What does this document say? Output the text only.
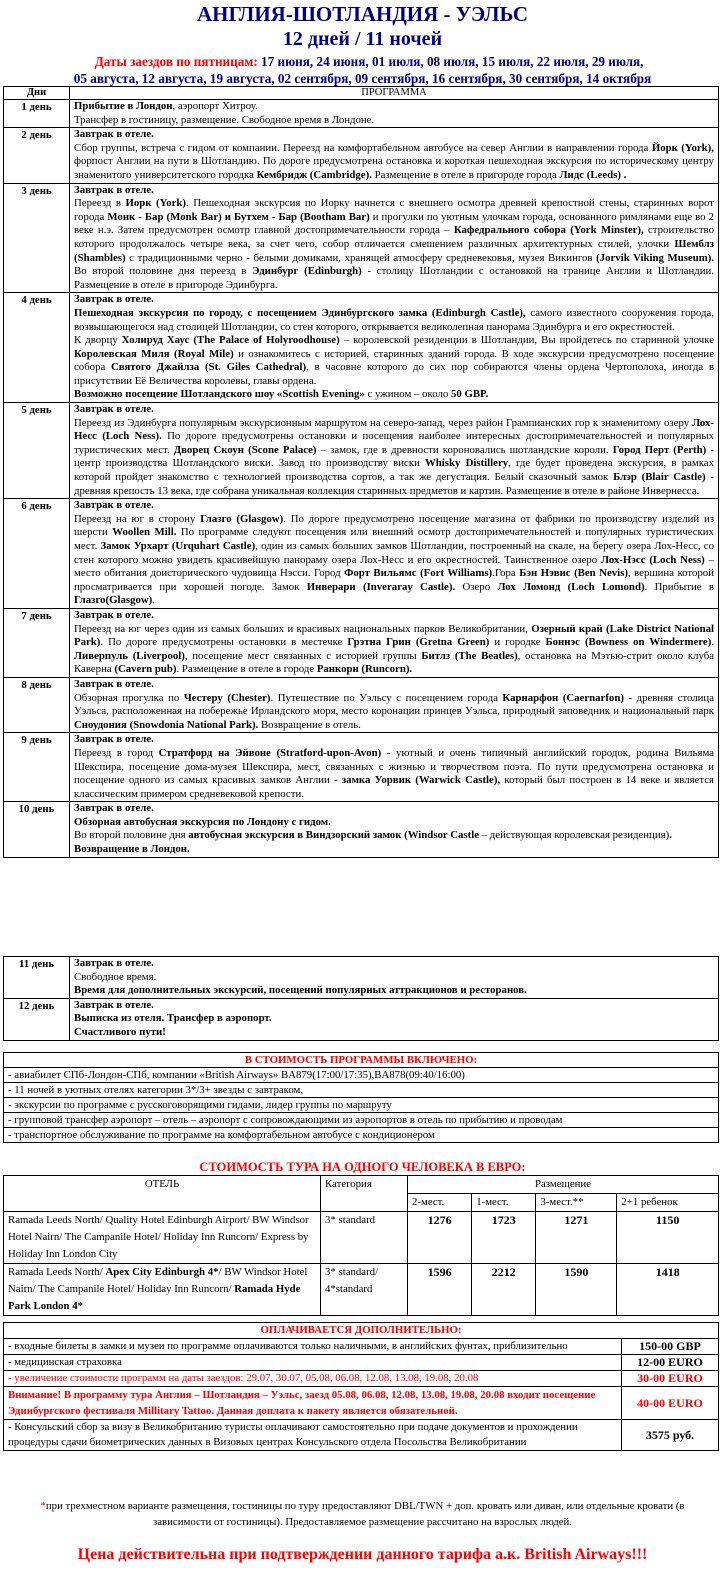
АНГЛИЯ-ШОТЛАНДИЯ - УЭЛЬС
12 дней / 11 ночей
Даты заездов по пятницам: 17 июня, 24 июня, 01 июля, 08 июля, 15 июля, 22 июля, 29 июля,
05 августа, 12 августа, 19 августа, 02 сентября, 09 сентября, 16 сентября, 30 сентября, 14 октября
Дни	ПРОГРАММА
1 день	Прибытие в Лондон, аэропорт Хитроу.
Трансфер в гостиницу, размещение. Свободное время в Лондоне.
2 день	Завтрак в отеле.
Сбор группы, встреча с гидом от компании. Переезд на комфортабельном автобусе на север Англии в направлении города Йорк (York), форпост Англии на пути в Шотландию. По дороге предусмотрена остановка и короткая пешеходная экскурсия по историческому центру знаменитого университетского городка Кембридж (Cambridge). Размещение в отеле в пригороде города Лидс (Leeds) .
3 день	Завтрак в отеле.
Переезд в Иорк (York). Пешеходная экскурсия по Иорку начнется с внешнего осмотра древней крепостной стены, старинных ворот города Монк - Бар (Monk Bar) и Бутхем - Бар (Bootham Bar) и прогулки по уютным улочкам города, основанного римлянами еще во 2 веке н.э. Затем предусмотрен осмотр главной достопримечательности города – Кафедрального собора (York Minster), строительство которого продолжалось четыре века, за счет чего, собор отличается смешением различных архитектурных стилей, улочки Шемблз (Shambles) с традиционными черно - белыми домиками, хранящей атмосферу средневековья, музея Викингов (Jorvik Viking Museum). Во второй половине дня переезд в Эдинбург (Edinburgh) - столицу Шотландии с остановкой на границе Англии и Шотландии. Размещение в отеле в пригороде Эдинбурга.
4 день	Завтрак в отеле.
Пешеходная экскурсия по городу, с посещением Эдинбургского замка (Edinburgh Castle), самого известного сооружения города, возвышающегося над столицей Шотландии, со стен которого, открывается великолепная панорама Эдинбурга и его окрестностей.
К дворцу Холируд Хаус (The Palace of Holyroodhouse) – королевской резиденции в Шотландии, Вы пройдетесь по старинной улочке Королевская Миля (Royal Mile) и ознакомитесь с историей, старинных зданий города. В ходе экскурсии предусмотрено посещение собора Святого Джайлза (St. Giles Cathedral), в часовне которого до сих пор собираются члены ордена Чертополоха, иногда в присутствии Её Величества королевы, главы ордена.
Возможно посещение Шотландского шоу «Scottish Evening» с ужином – около 50 GBP.
5 день	Завтрак в отеле.
Переезд из Эдинбурга популярным экскурсионным маршрутом на северо-запад, через район Грампианских гор к знаменитому озеру Лох-Несс (Loch Ness). По дороге предусмотрены остановки и посещения наиболее интересных достопримечательностей и популярных туристических мест. Дворец Скоун (Scone Palace) – замок, где в древности короновались шотландские короли. Город Перт (Perth) - центр производства Шотландского виски. Завод по производству виски Whisky Distillery, где будет проведена экскурсия, в рамках которой пройдет знакомство с технологией производства сортов, а так же дегустация. Белый сказочный замок Блэр (Blair Castle) - древняя крепость 13 века, где собрана уникальная коллекция старинных предметов и картин. Размещение в отеле в районе Инвернесса.
6 день	Завтрак в отеле.
Переезд на юг в сторону Глазго (Glasgow). По дороге предусмотрено посещение магазина от фабрики по производству изделий из шерсти Woollen Mill. По программе следуют посещения или внешний осмотр достопримечательностей и популярных туристических мест. Замок Урхарт (Urquhart Castle), один из самых больших замков Шотландии, построенный на скале, на берегу озера Лох-Несс, со стен которого можно увидеть красивейшую панораму озера Лох-Несс и его окрестностей. Таинственное озеро Лох-Нэсс (Loch Ness) – место обитания доисторического чудовища Нэсси. Город Форт Вильямс (Fort Williams).Гора Бэн Нэвис (Ben Nevis), вершина которой просматривается при хорошей погоде. Замок Инверари (Inveraray Castle). Озеро Лох Ломонд (Loch Lomond). Прибытие в Глазго(Glasgow).
7 день	Завтрак в отеле.
Переезд на юг через один из самых больших и красивых национальных парков Великобритании, Озерный край (Lake District National Park). По дороге предусмотрены остановки в местечке Грэтна Грин (Gretna Green) и городке Боннэс (Bowness on Windermere). Ливерпуль (Liverpool), посещение мест связанных с историей группы Битлз (The Beatles), остановка на Мэтью-стрит около клуба Каверна (Cavern pub). Размещение в отеле в городе Ранкорн (Runcorn).
8 день	Завтрак в отеле.
Обзорная прогулка по Честеру (Chester). Путешествие по Уэльсу с посещением города Карнарфон (Caernarfon) - древняя столица Уэльса, расположенная на побережье Ирландского моря, место коронации принцев Уэльса, природный заповедник и национальный парк Сноудония (Snowdonia National Park). Возвращение в отель.
9 день	Завтрак в отеле.
Переезд в город Стратфорд на Эйвоне (Stratford-upon-Avon) - уютный и очень типичный английский городок, родина Вильяма Шекспира, посещение дома-музея Шекспира, мест, связанных с жизнью и творчеством поэта. По пути предусмотрена остановка и посещение одного из самых красивых замков Англии - замка Уорвик (Warwick Castle), который был построен в 14 веке и является классическим примером средневековой крепости.
10 день	Завтрак в отеле.
Обзорная автобусная экскурсия по Лондону с гидом.
Во второй половине дня автобусная экскурсия в Виндзорский замок (Windsor Castle – действующая королевская резиденция).
Возвращение в Лондон.

11 день	Завтрак в отеле.
Свободное время.
Время для дополнительных экскурсий, посещений популярных аттракционов и ресторанов.
12 день	Завтрак в отеле.
Выписка из отеля. Трансфер в аэропорт.
Счастливого пути!
В СТОИМОСТЬ ПРОГРАММЫ ВКЛЮЧЕНО:
- авиабилет СПб-Лондон-СПб, компании «British Airways» BA879(17:00/17:35),BA878(09:40/16:00)
- 11 ночей в уютных отелях категории 3*/3+ звезды с завтраком,
- экскурсии по программе с русскоговорящими гидами, лидер группы по маршруту
- групповой трансфер аэропорт – отель – аэропорт с сопровождающими из аэропортов в отель по прибытию и проводам
- транспортное обслуживание по программе на комфортабельном автобусе с кондиционером
СТОИМОСТЬ ТУРА НА ОДНОГО ЧЕЛОВЕКА В ЕВРО:
ОТЕЛЬ	Категория	Размещение			
		2-мест.	1-мест.	3-мест.**	2+1 ребенок
Ramada Leeds North/ Quality Hotel Edinburgh Airport/ BW Windsor Hotel Nairn/ The Campanile Hotel/ Holiday Inn Runcorn/ Express by Holiday Inn London City	3* standard	1276	1723	1271	1150
Ramada Leeds North/ Apex City Edinburgh 4*/ BW Windsor Hotel Nairn/ The Campanile Hotel/ Holiday Inn Runcorn/ Ramada Hyde Park London 4*	3* standard/ 4*standard	1596	2212	1590	1418
ОПЛАЧИВАЕТСЯ ДОПОЛНИТЕЛЬНО:	
- входные билеты в замки и музеи по программе оплачиваются только наличными, в английских фунтах, приблизительно	150-00 GBP
- медицинская страховка	12-00 EURO
- увеличение стоимости программ на даты заездов: 29.07, 30.07, 05.08, 06.08, 12.08, 13.08, 19.08, 20.08	30-00 EURO
Внимание! В программу тура Англия – Шотландия – Уэльс, заезд 05.08, 06.08, 12.08, 13.08, 19.08, 20.08 входит посещение Эдинбургского фестиваля Millitary Tattoo. Данная доплата к пакету является обязательной.	40-00 EURO
- Консульский сбор за визу в Великобританию туристы оплачивают самостоятельно при подаче документов и прохождении процедуры сдачи биометрических данных в Визовых центрах Консульского отдела Посольства Великобритании	3575 руб.
*при трехместном варианте размещения, гостиницы по туру предоставляют DBL/TWN + доп. кровать или диван, или отдельные кровати (в зависимости от гостиницы). Предоставляемое размещение рассчитано на взрослых людей.
Цена действительна при подтверждении данного тарифа а.к. British Airways!!!
